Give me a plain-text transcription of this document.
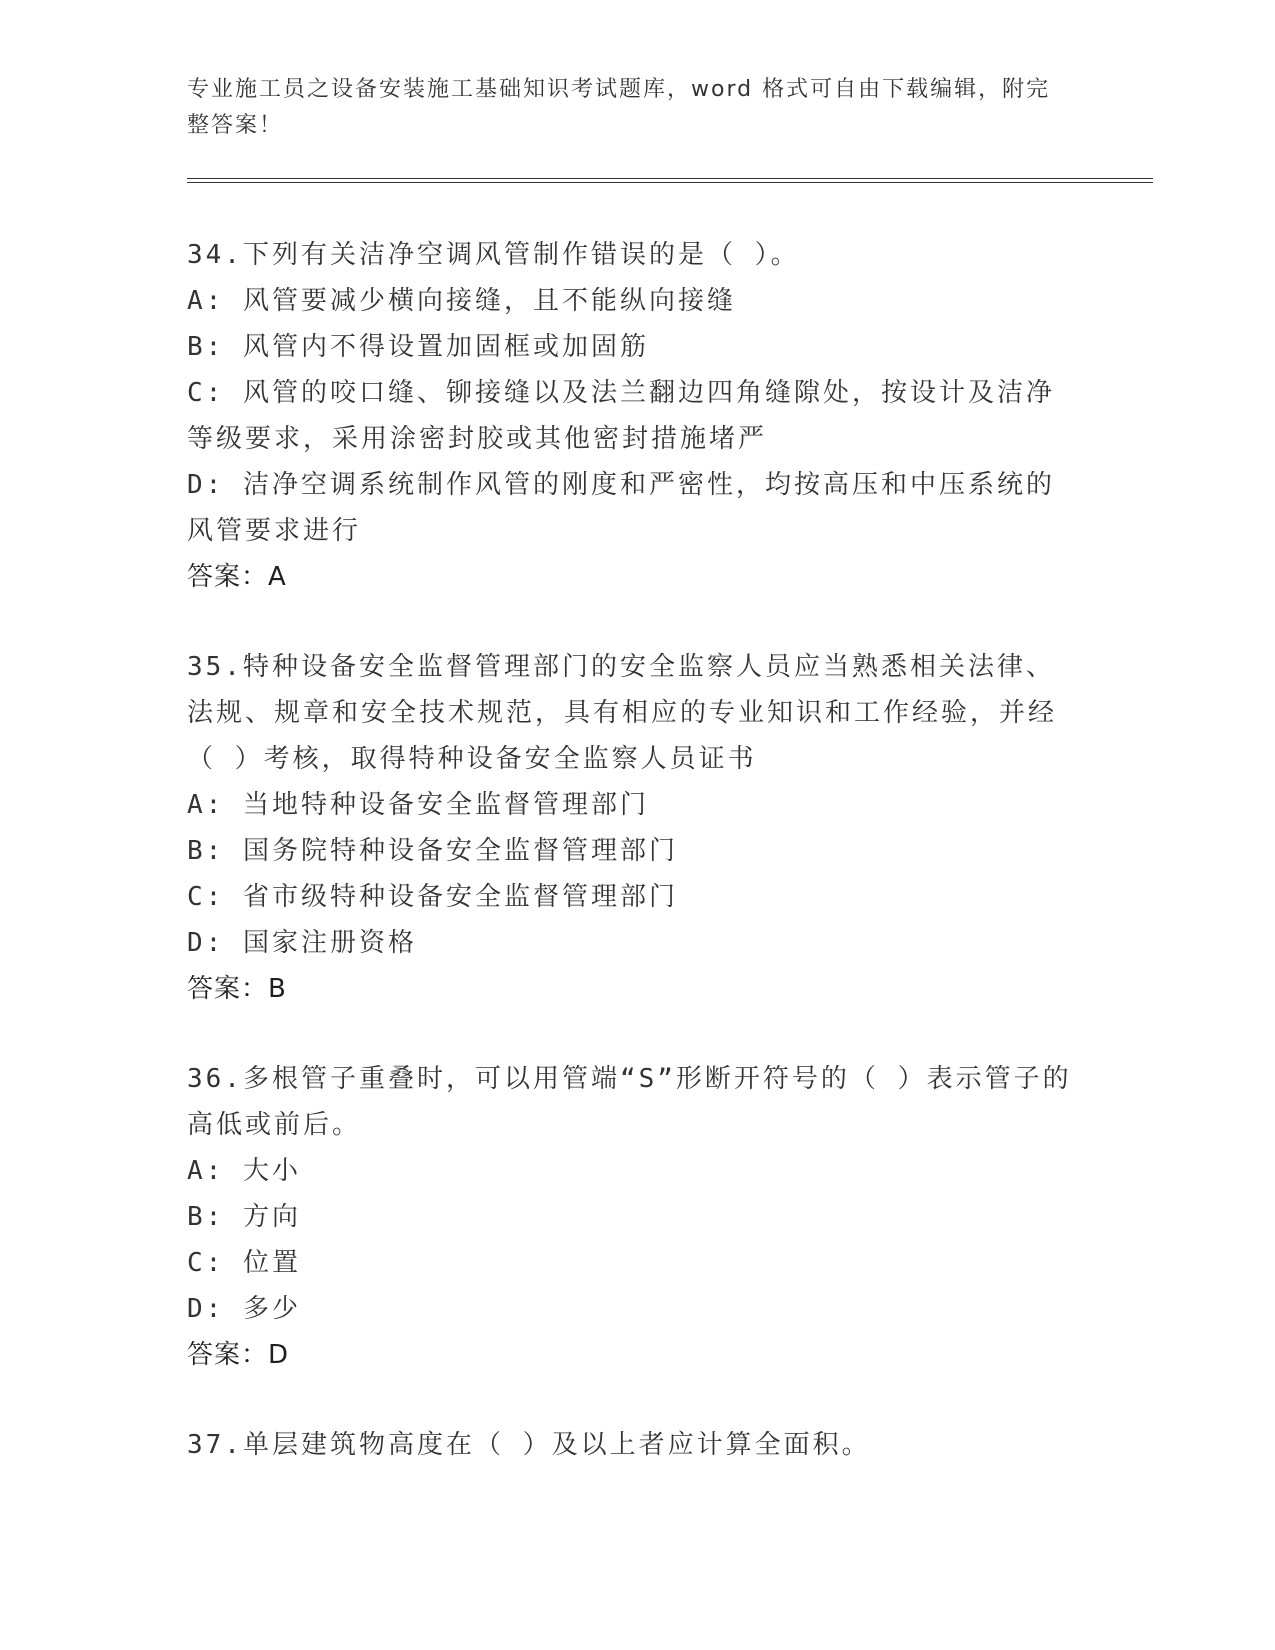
专业施工员之设备安装施工基础知识考试题库，word 格式可自由下载编辑，附完整答案！
34.下列有关洁净空调风管制作错误的是（ ）。
A: 风管要减少横向接缝，且不能纵向接缝
B: 风管内不得设置加固框或加固筋
C: 风管的咬口缝、铆接缝以及法兰翻边四角缝隙处，按设计及洁净等级要求，采用涂密封胶或其他密封措施堵严
D: 洁净空调系统制作风管的刚度和严密性，均按高压和中压系统的风管要求进行
答案：A
35.特种设备安全监督管理部门的安全监察人员应当熟悉相关法律、法规、规章和安全技术规范，具有相应的专业知识和工作经验，并经（ ）考核，取得特种设备安全监察人员证书
A: 当地特种设备安全监督管理部门
B: 国务院特种设备安全监督管理部门
C: 省市级特种设备安全监督管理部门
D: 国家注册资格
答案：B
36.多根管子重叠时，可以用管端“S”形断开符号的（ ）表示管子的高低或前后。
A: 大小
B: 方向
C: 位置
D: 多少
答案：D
37.单层建筑物高度在（ ）及以上者应计算全面积。
